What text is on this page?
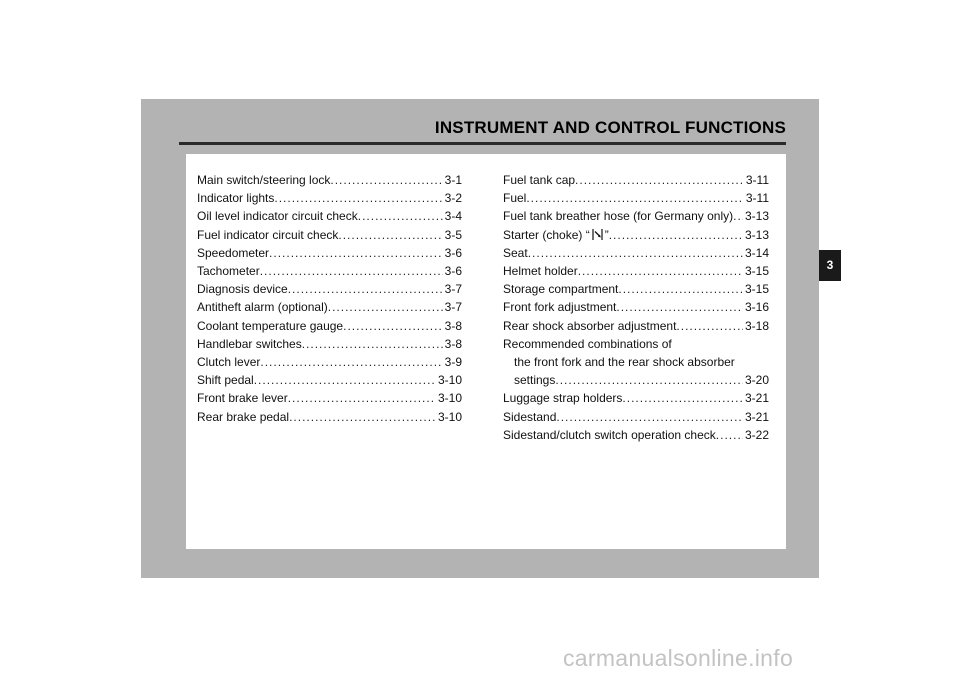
INSTRUMENT AND CONTROL FUNCTIONS
Main switch/steering lock .....	3-1
Indicator lights .....	3-2
Oil level indicator circuit check .....	3-4
Fuel indicator circuit check .....	3-5
Speedometer .....	3-6
Tachometer .....	3-6
Diagnosis device .....	3-7
Antitheft alarm (optional) .....	3-7
Coolant temperature gauge .....	3-8
Handlebar switches .....	3-8
Clutch lever .....	3-9
Shift pedal .....	3-10
Front brake lever .....	3-10
Rear brake pedal .....	3-10
Fuel tank cap .....	3-11
Fuel .....	3-11
Fuel tank breather hose (for Germany only) ..... 3-13
Starter (choke) “ ” .....	3-13
Seat .....	3-14
Helmet holder .....	3-15
Storage compartment .....	3-15
Front fork adjustment .....	3-16
Rear shock absorber adjustment .....	3-18
Recommended combinations of
the front fork and the rear shock absorber
settings .....	3-20
Luggage strap holders .....	3-21
Sidestand .....	3-21
Sidestand/clutch switch operation check ..... 3-22
3
carmanualsonline.info
